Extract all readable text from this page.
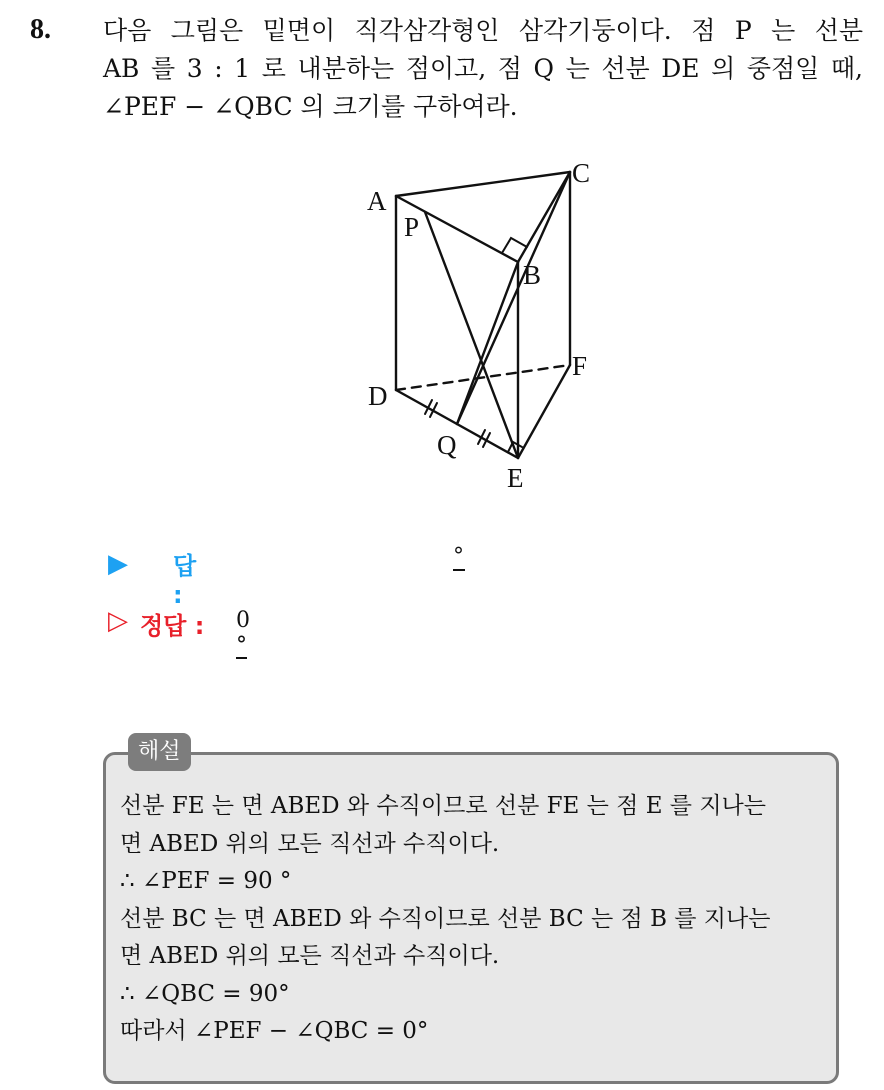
8. 다음 그림은 밑면이 직각삼각형인 삼각기둥이다. 점 P 는 선분
AB 를 3 : 1 로 내분하는 점이고, 점 Q 는 선분 DE 의 중점일 때,
∠PEF − ∠QBC 의 크기를 구하여라.
A
P
C
B
F
D
Q
E
▶ 답 :
°
▷ 정답 : 0°
해설
선분 FE 는 면 ABED 와 수직이므로 선분 FE 는 점 E 를 지나는
면 ABED 위의 모든 직선과 수직이다.
∴ ∠PEF = 90 °
선분 BC 는 면 ABED 와 수직이므로 선분 BC 는 점 B 를 지나는
면 ABED 위의 모든 직선과 수직이다.
∴ ∠QBC = 90°
따라서 ∠PEF − ∠QBC = 0°
